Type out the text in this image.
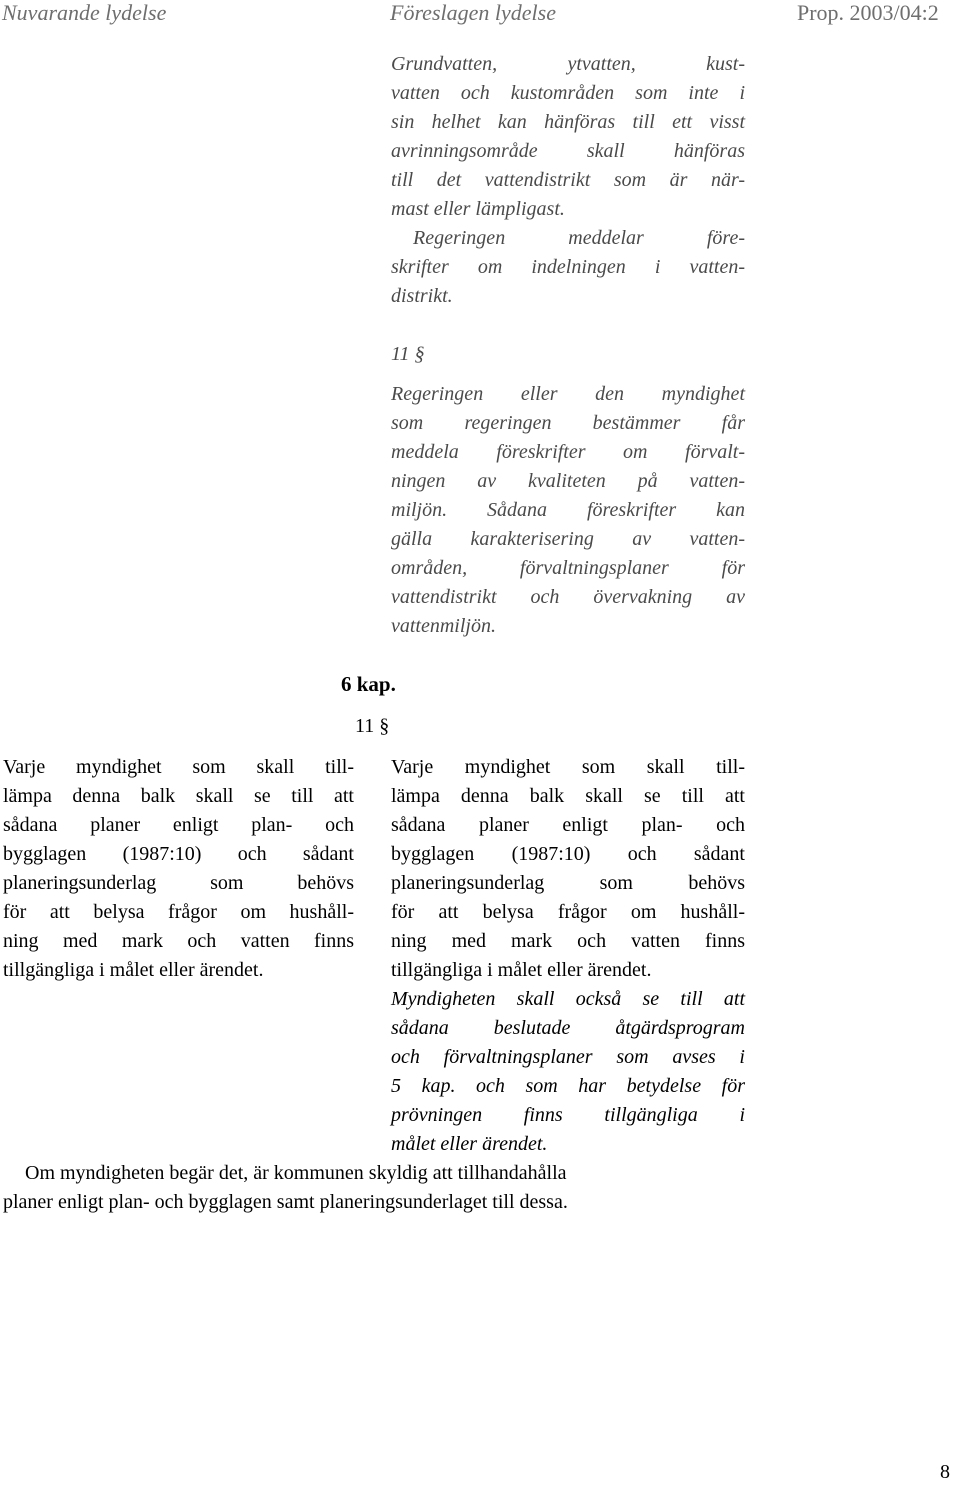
Nuvarande lydelse	Föreslagen lydelse	Prop. 2003/04:2
Grundvatten, ytvatten, kust-
vatten och kustområden som inte i
sin helhet kan hänföras till ett visst
avrinningsområde skall hänföras
till det vattendistrikt som är när-
mast eller lämpligast.
Regeringen meddelar före-
skrifter om indelningen i vatten-
distrikt.
11 §
Regeringen eller den myndighet
som regeringen bestämmer får
meddela föreskrifter om förvalt-
ningen av kvaliteten på vatten-
miljön. Sådana föreskrifter kan
gälla karakterisering av vatten-
områden, förvaltningsplaner för
vattendistrikt och övervakning av
vattenmiljön.
6 kap.
11 §
Varje myndighet som skall till-
lämpa denna balk skall se till att
sådana planer enligt plan- och
bygglagen (1987:10) och sådant
planeringsunderlag som behövs
för att belysa frågor om hushåll-
ning med mark och vatten finns
tillgängliga i målet eller ärendet.
Varje myndighet som skall till-
lämpa denna balk skall se till att
sådana planer enligt plan- och
bygglagen (1987:10) och sådant
planeringsunderlag som behövs
för att belysa frågor om hushåll-
ning med mark och vatten finns
tillgängliga i målet eller ärendet.
Myndigheten skall också se till att
sådana beslutade åtgärdsprogram
och förvaltningsplaner som avses i
5 kap. och som har betydelse för
prövningen finns tillgängliga i
målet eller ärendet.
Om myndigheten begär det, är kommunen skyldig att tillhandahålla
planer enligt plan- och bygglagen samt planeringsunderlaget till dessa.
8
